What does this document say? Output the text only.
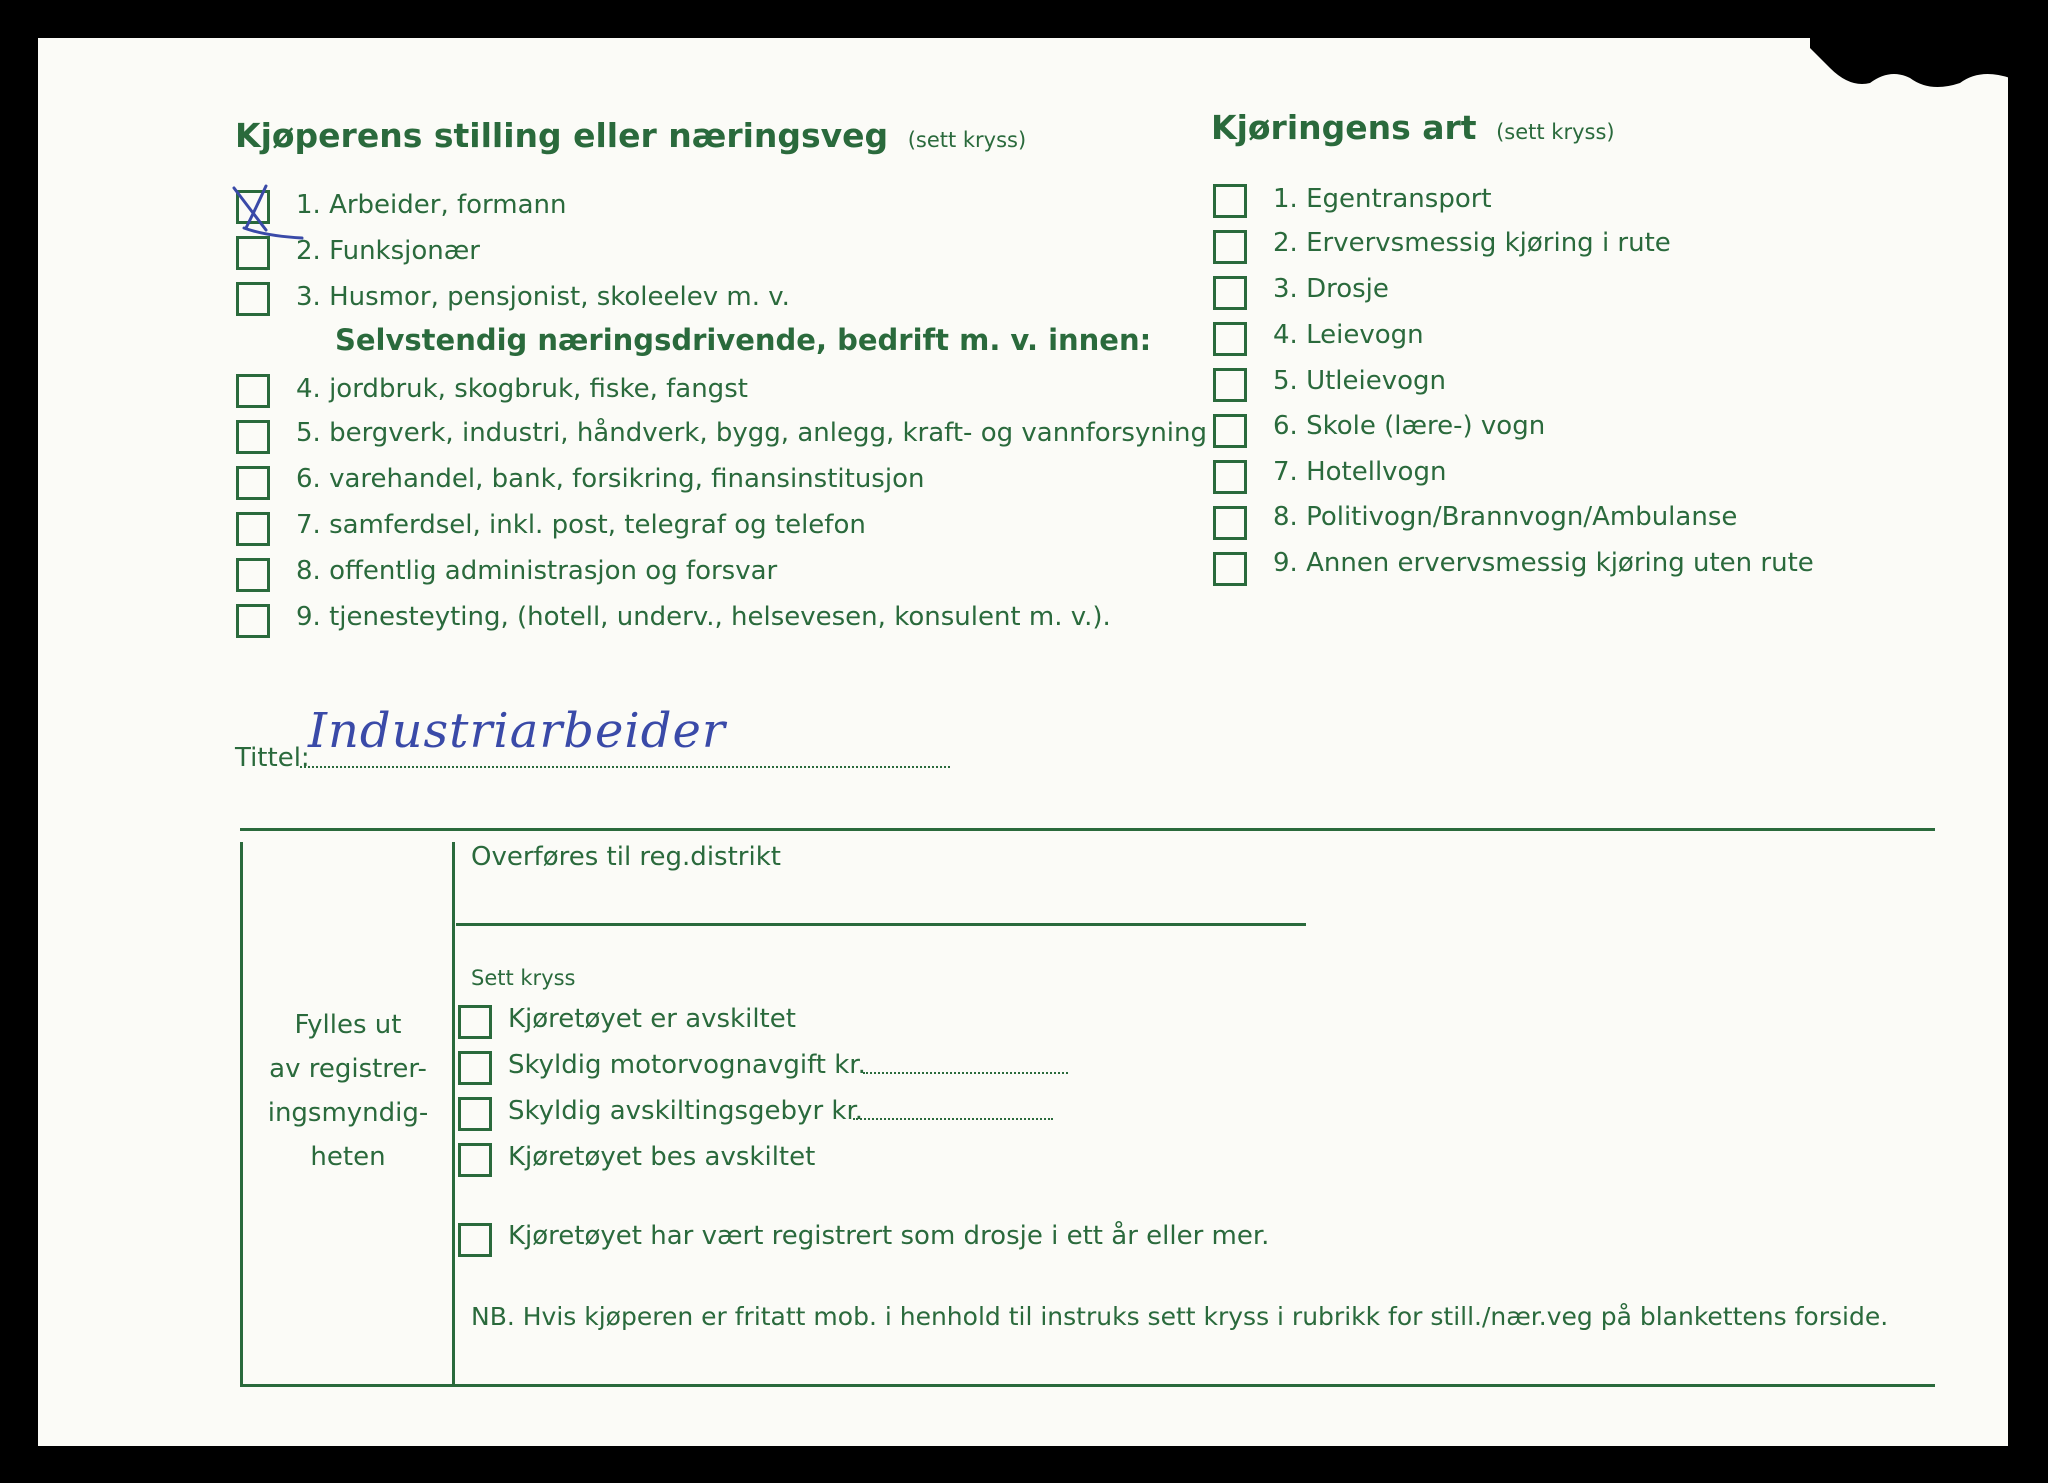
Kjøperens stilling eller næringsveg (sett kryss)
1. Arbeider, formann
2. Funksjonær
3. Husmor, pensjonist, skoleelev m. v.
Selvstendig næringsdrivende, bedrift m. v. innen:
4. jordbruk, skogbruk, fiske, fangst
5. bergverk, industri, håndverk, bygg, anlegg, kraft- og vannforsyning
6. varehandel, bank, forsikring, finansinstitusjon
7. samferdsel, inkl. post, telegraf og telefon
8. offentlig administrasjon og forsvar
9. tjenesteyting, (hotell, underv., helsevesen, konsulent m. v.).
Kjøringens art (sett kryss)
1. Egentransport
2. Ervervsmessig kjøring i rute
3. Drosje
4. Leievogn
5. Utleievogn
6. Skole (lære-) vogn
7. Hotellvogn
8. Politivogn/Brannvogn/Ambulanse
9. Annen ervervsmessig kjøring uten rute
Tittel:
Industriarbeider
Fylles ut
av registrer-
ingsmyndig-
heten
Overføres til reg.distrikt
Sett kryss
Kjøretøyet er avskiltet
Skyldig motorvognavgift kr.
Skyldig avskiltingsgebyr kr.
Kjøretøyet bes avskiltet
Kjøretøyet har vært registrert som drosje i ett år eller mer.
NB. Hvis kjøperen er fritatt mob. i henhold til instruks sett kryss i rubrikk for still./nær.veg på blankettens forside.
